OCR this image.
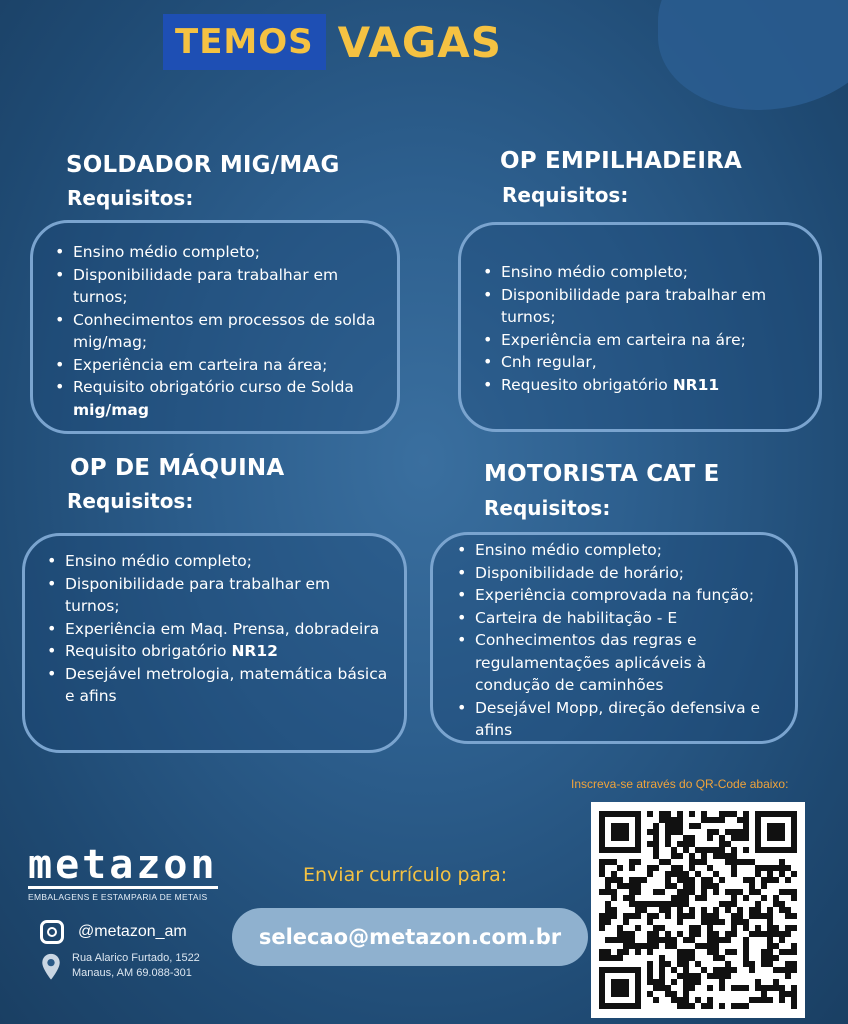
TEMOS VAGAS
SOLDADOR MIG/MAG
Requisitos:
• Ensino médio completo;
• Disponibilidade para trabalhar em turnos;
• Conhecimentos em processos de solda mig/mag;
• Experiência em carteira na área;
• Requisito obrigatório curso de Solda mig/mag
OP EMPILHADEIRA
Requisitos:
• Ensino médio completo;
• Disponibilidade para trabalhar em turnos;
• Experiência em carteira na áre;
• Cnh regular,
• Requesito obrigatório NR11
OP DE MÁQUINA
Requisitos:
• Ensino médio completo;
• Disponibilidade para trabalhar em turnos;
• Experiência em Maq. Prensa, dobradeira
• Requisito obrigatório NR12
• Desejável metrologia, matemática básica e afins
MOTORISTA CAT E
Requisitos:
• Ensino médio completo;
• Disponibilidade de horário;
• Experiência comprovada na função;
• Carteira de habilitação - E
• Conhecimentos das regras e regulamentações aplicáveis à condução de caminhões
• Desejável Mopp, direção defensiva e afins
Inscreva-se através do QR-Code abaixo:
metazon
EMBALAGENS E ESTAMPARIA DE METAIS
Enviar currículo para:
selecao@metazon.com.br
@metazon_am
Rua Alarico Furtado, 1522
Manaus, AM 69.088-301
